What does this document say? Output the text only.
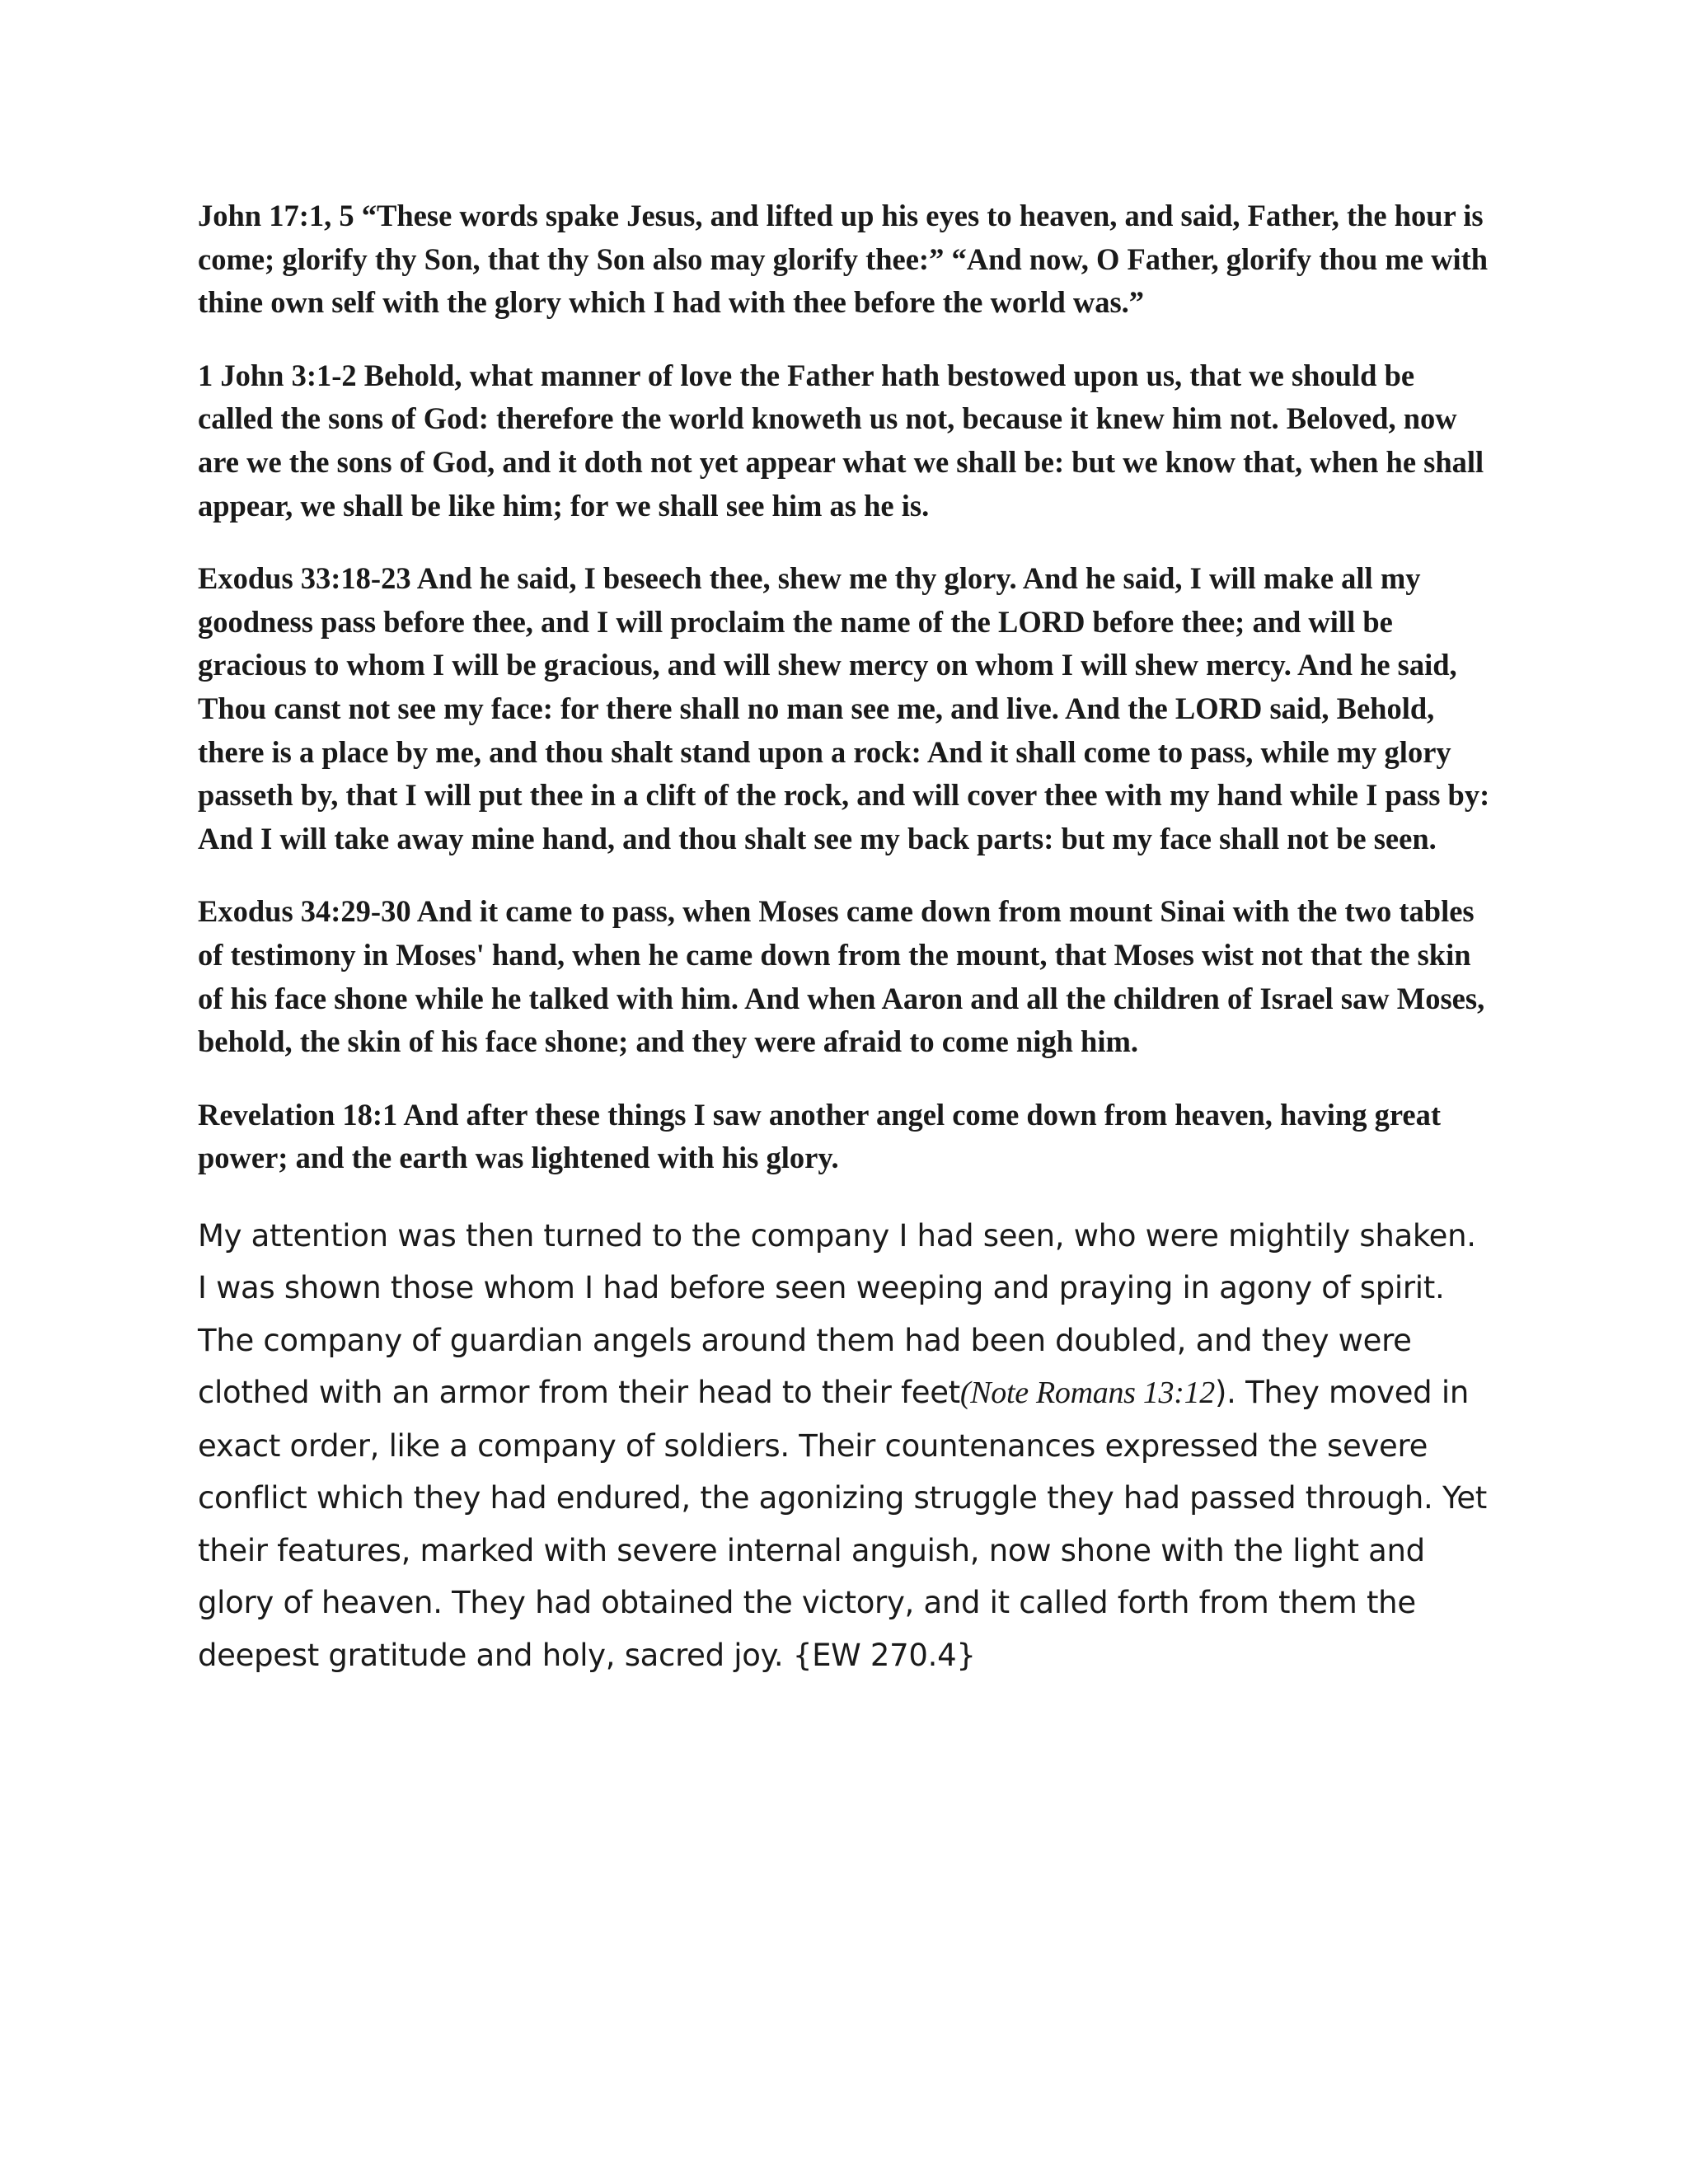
John 17:1, 5 “These words spake Jesus, and lifted up his eyes to heaven, and said, Father, the hour is come; glorify thy Son, that thy Son also may glorify thee:” “And now, O Father, glorify thou me with thine own self with the glory which I had with thee before the world was.”

1 John 3:1-2 Behold, what manner of love the Father hath bestowed upon us, that we should be called the sons of God: therefore the world knoweth us not, because it knew him not. Beloved, now are we the sons of God, and it doth not yet appear what we shall be: but we know that, when he shall appear, we shall be like him; for we shall see him as he is.

Exodus 33:18-23 And he said, I beseech thee, shew me thy glory. And he said, I will make all my goodness pass before thee, and I will proclaim the name of the LORD before thee; and will be gracious to whom I will be gracious, and will shew mercy on whom I will shew mercy. And he said, Thou canst not see my face: for there shall no man see me, and live. And the LORD said, Behold, there is a place by me, and thou shalt stand upon a rock: And it shall come to pass, while my glory passeth by, that I will put thee in a clift of the rock, and will cover thee with my hand while I pass by: And I will take away mine hand, and thou shalt see my back parts: but my face shall not be seen.

Exodus 34:29-30 And it came to pass, when Moses came down from mount Sinai with the two tables of testimony in Moses' hand, when he came down from the mount, that Moses wist not that the skin of his face shone while he talked with him. And when Aaron and all the children of Israel saw Moses, behold, the skin of his face shone; and they were afraid to come nigh him.

Revelation 18:1 And after these things I saw another angel come down from heaven, having great power; and the earth was lightened with his glory.

My attention was then turned to the company I had seen, who were mightily shaken. I was shown those whom I had before seen weeping and praying in agony of spirit. The company of guardian angels around them had been doubled, and they were clothed with an armor from their head to their feet(Note Romans 13:12). They moved in exact order, like a company of soldiers. Their countenances expressed the severe conflict which they had endured, the agonizing struggle they had passed through. Yet their features, marked with severe internal anguish, now shone with the light and glory of heaven. They had obtained the victory, and it called forth from them the deepest gratitude and holy, sacred joy. {EW 270.4}
